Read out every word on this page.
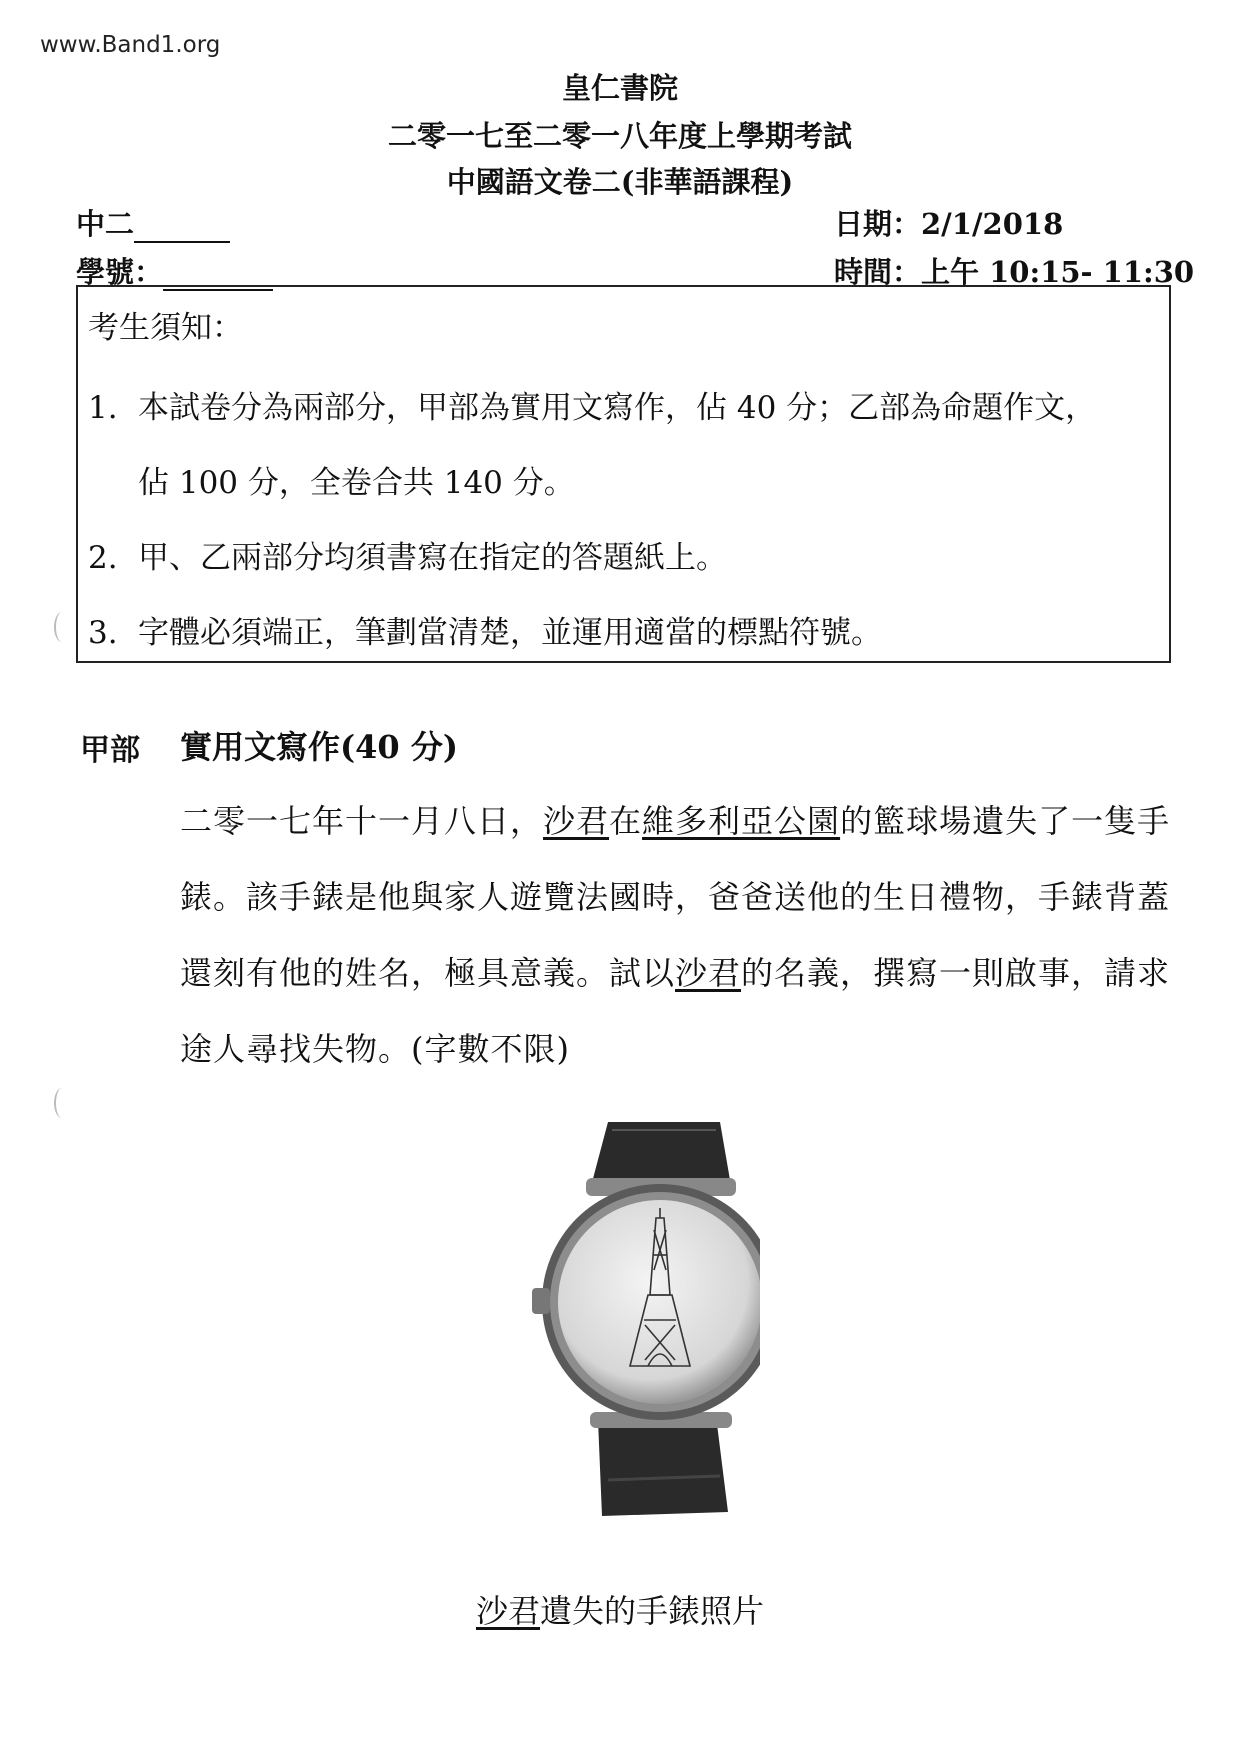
www.Band1.org
皇仁書院
二零一七至二零一八年度上學期考試
中國語文卷二(非華語課程)
中二
學號：
日期：2/1/2018
時間：上午 10:15- 11:30
考生須知：
1. 本試卷分為兩部分，甲部為實用文寫作，佔 40 分；乙部為命題作文，
佔 100 分，全卷合共 140 分。
2. 甲、乙兩部分均須書寫在指定的答題紙上。
3. 字體必須端正，筆劃當清楚，並運用適當的標點符號。
甲部 實用文寫作(40 分)
二零一七年十一月八日，沙君在維多利亞公園的籃球場遺失了一隻手
錶。該手錶是他與家人遊覽法國時，爸爸送他的生日禮物，手錶背蓋
還刻有他的姓名，極具意義。試以沙君的名義，撰寫一則啟事，請求
途人尋找失物。(字數不限)
沙君遺失的手錶照片
